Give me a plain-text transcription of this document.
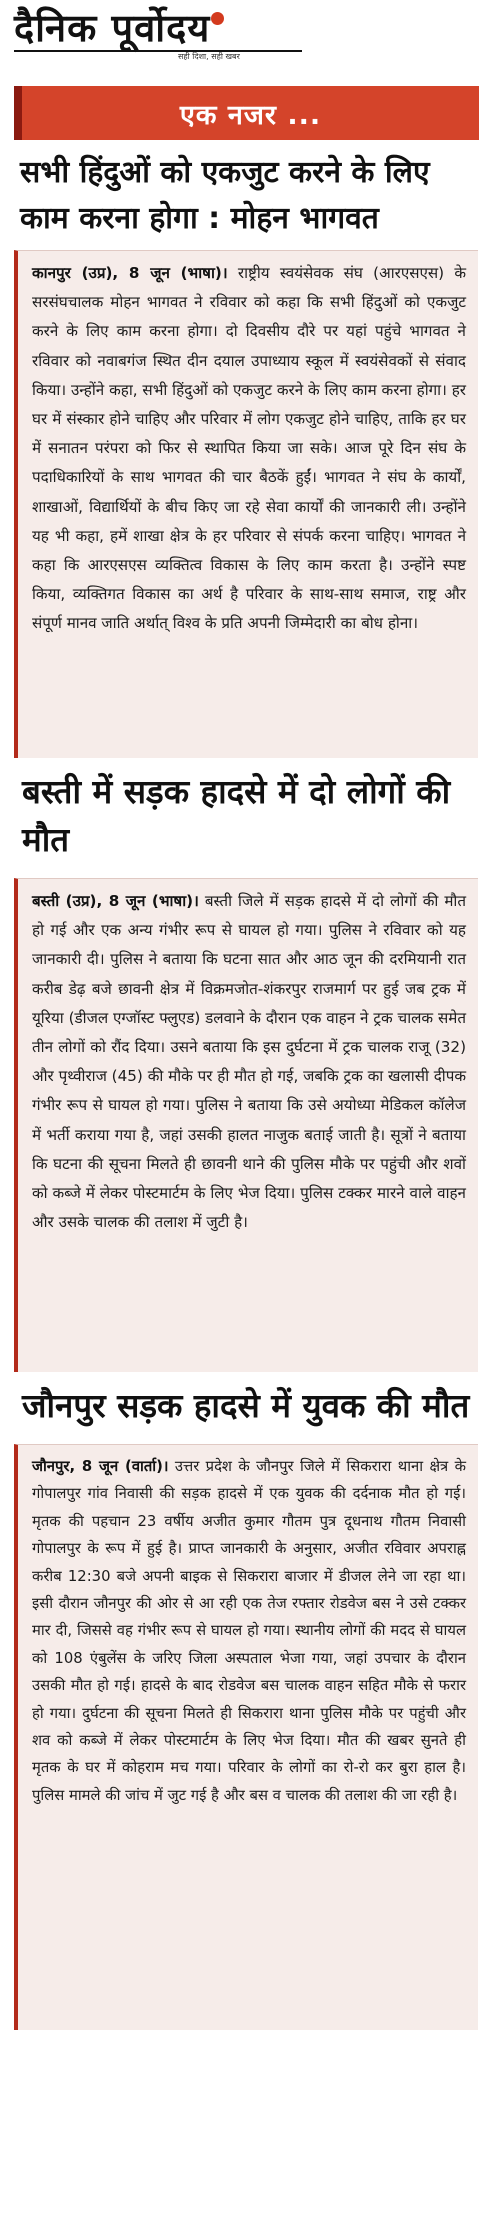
दैनिक पूर्वोदय
सही दिशा, सही खबर
एक नजर ...
सभी हिंदुओं को एकजुट करने के लिए काम करना होगा : मोहन भागवत
कानपुर (उप्र), 8 जून (भाषा)। राष्ट्रीय स्वयंसेवक संघ (आरएसएस) के सरसंघचालक मोहन भागवत ने रविवार को कहा कि सभी हिंदुओं को एकजुट करने के लिए काम करना होगा। दो दिवसीय दौरे पर यहां पहुंचे भागवत ने रविवार को नवाबगंज स्थित दीन दयाल उपाध्याय स्कूल में स्वयंसेवकों से संवाद किया। उन्होंने कहा, सभी हिंदुओं को एकजुट करने के लिए काम करना होगा। हर घर में संस्कार होने चाहिए और परिवार में लोग एकजुट होने चाहिए, ताकि हर घर में सनातन परंपरा को फिर से स्थापित किया जा सके। आज पूरे दिन संघ के पदाधिकारियों के साथ भागवत की चार बैठकें हुईं। भागवत ने संघ के कार्यों, शाखाओं, विद्यार्थियों के बीच किए जा रहे सेवा कार्यों की जानकारी ली। उन्होंने यह भी कहा, हमें शाखा क्षेत्र के हर परिवार से संपर्क करना चाहिए। भागवत ने कहा कि आरएसएस व्यक्तित्व विकास के लिए काम करता है। उन्होंने स्पष्ट किया, व्यक्तिगत विकास का अर्थ है परिवार के साथ-साथ समाज, राष्ट्र और संपूर्ण मानव जाति अर्थात् विश्व के प्रति अपनी जिम्मेदारी का बोध होना।
बस्ती में सड़क हादसे में दो लोगों की मौत
बस्ती (उप्र), 8 जून (भाषा)। बस्ती जिले में सड़क हादसे में दो लोगों की मौत हो गई और एक अन्य गंभीर रूप से घायल हो गया। पुलिस ने रविवार को यह जानकारी दी। पुलिस ने बताया कि घटना सात और आठ जून की दरमियानी रात करीब डेढ़ बजे छावनी क्षेत्र में विक्रमजोत-शंकरपुर राजमार्ग पर हुई जब ट्रक में यूरिया (डीजल एग्जॉस्ट फ्लुएड) डलवाने के दौरान एक वाहन ने ट्रक चालक समेत तीन लोगों को रौंद दिया। उसने बताया कि इस दुर्घटना में ट्रक चालक राजू (32) और पृथ्वीराज (45) की मौके पर ही मौत हो गई, जबकि ट्रक का खलासी दीपक गंभीर रूप से घायल हो गया। पुलिस ने बताया कि उसे अयोध्या मेडिकल कॉलेज में भर्ती कराया गया है, जहां उसकी हालत नाजुक बताई जाती है। सूत्रों ने बताया कि घटना की सूचना मिलते ही छावनी थाने की पुलिस मौके पर पहुंची और शवों को कब्जे में लेकर पोस्टमार्टम के लिए भेज दिया। पुलिस टक्कर मारने वाले वाहन और उसके चालक की तलाश में जुटी है।
जौनपुर सड़क हादसे में युवक की मौत
जौनपुर, 8 जून (वार्ता)। उत्तर प्रदेश के जौनपुर जिले में सिकरारा थाना क्षेत्र के गोपालपुर गांव निवासी की सड़क हादसे में एक युवक की दर्दनाक मौत हो गई। मृतक की पहचान 23 वर्षीय अजीत कुमार गौतम पुत्र दूधनाथ गौतम निवासी गोपालपुर के रूप में हुई है। प्राप्त जानकारी के अनुसार, अजीत रविवार अपराह्न करीब 12:30 बजे अपनी बाइक से सिकरारा बाजार में डीजल लेने जा रहा था। इसी दौरान जौनपुर की ओर से आ रही एक तेज रफ्तार रोडवेज बस ने उसे टक्कर मार दी, जिससे वह गंभीर रूप से घायल हो गया। स्थानीय लोगों की मदद से घायल को 108 एंबुलेंस के जरिए जिला अस्पताल भेजा गया, जहां उपचार के दौरान उसकी मौत हो गई। हादसे के बाद रोडवेज बस चालक वाहन सहित मौके से फरार हो गया। दुर्घटना की सूचना मिलते ही सिकरारा थाना पुलिस मौके पर पहुंची और शव को कब्जे में लेकर पोस्टमार्टम के लिए भेज दिया। मौत की खबर सुनते ही मृतक के घर में कोहराम मच गया। परिवार के लोगों का रो-रो कर बुरा हाल है। पुलिस मामले की जांच में जुट गई है और बस व चालक की तलाश की जा रही है।
